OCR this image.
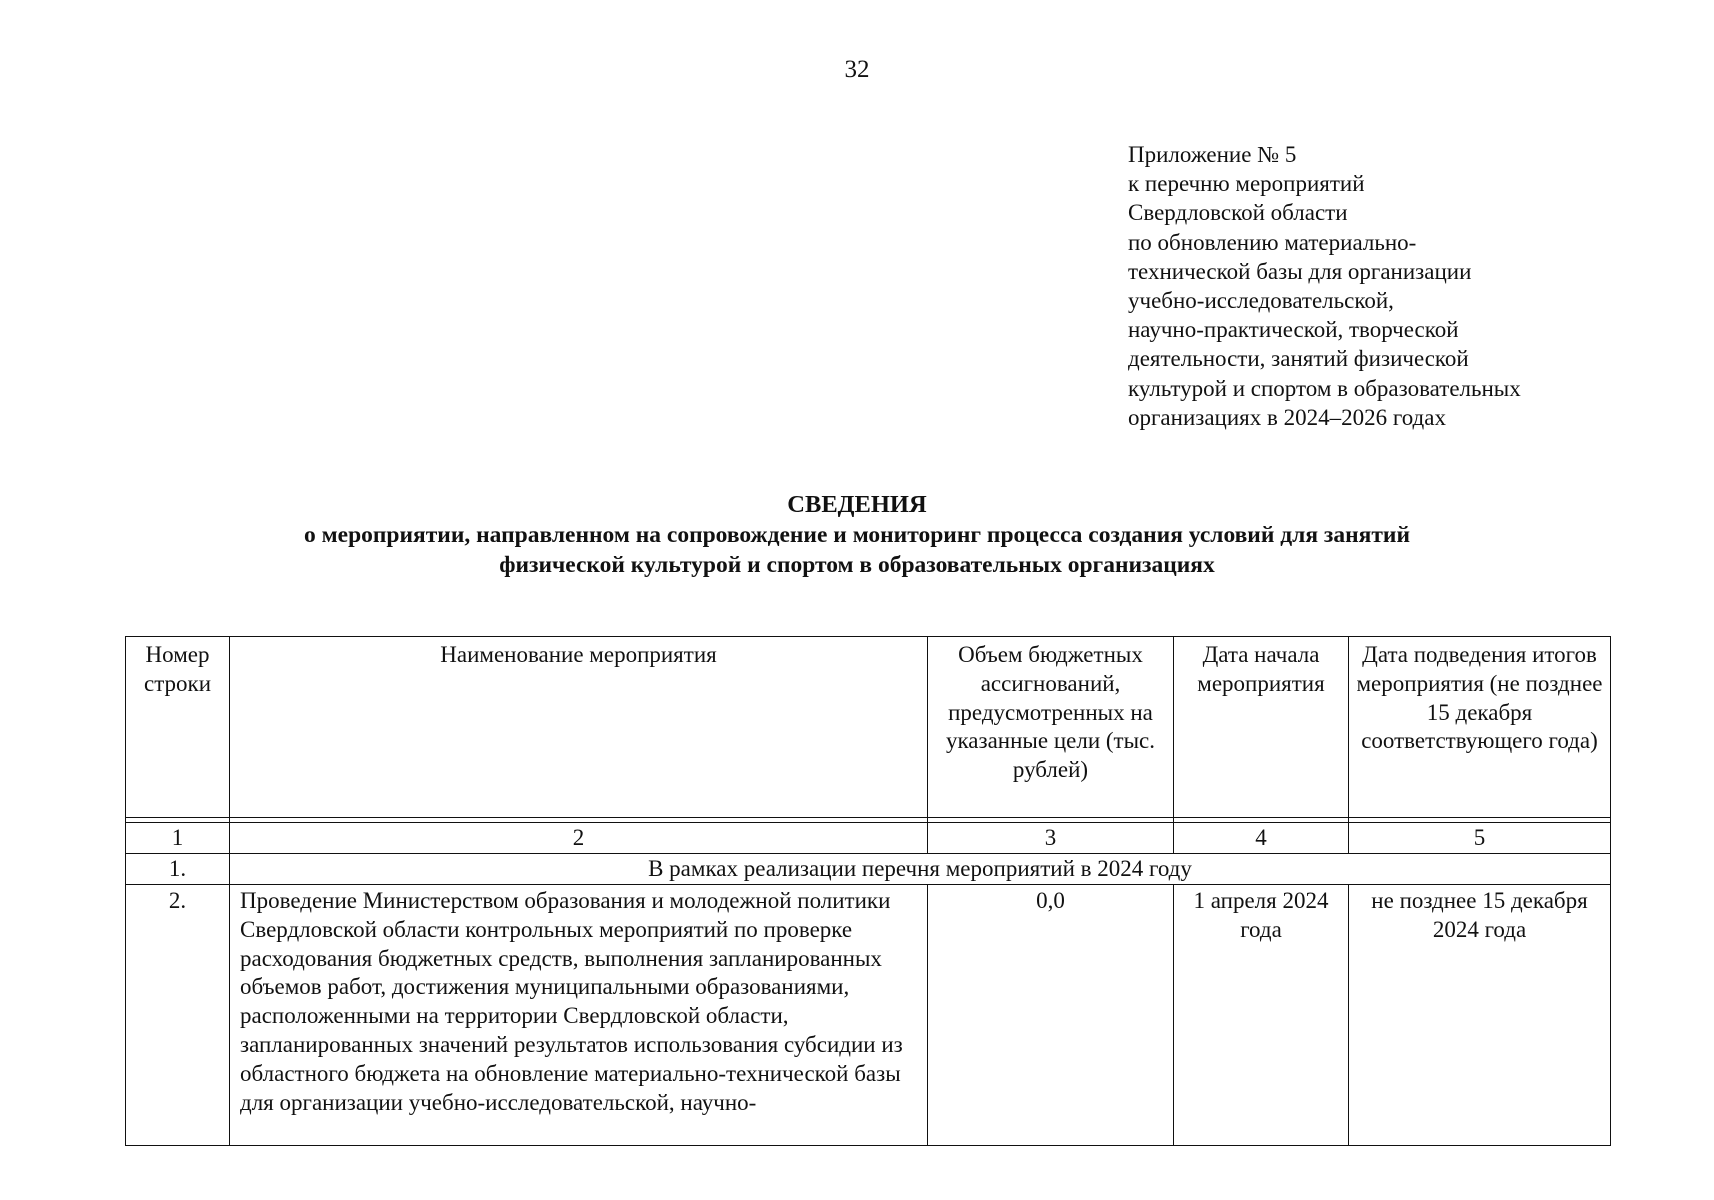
32
Приложение № 5
к перечню мероприятий
Свердловской области
по обновлению материально-
технической базы для организации
учебно-исследовательской,
научно-практической, творческой
деятельности, занятий физической
культурой и спортом в образовательных
организациях в 2024–2026 годах
СВЕДЕНИЯ
о мероприятии, направленном на сопровождение и мониторинг процесса создания условий для занятий
физической культурой и спортом в образовательных организациях
Номер строки	Наименование мероприятия	Объем бюджетных ассигнований, предусмотренных на указанные цели (тыс. рублей)	Дата начала мероприятия	Дата подведения итогов мероприятия (не позднее 15 декабря соответствующего года)

1	2	3	4	5
1.	В рамках реализации перечня мероприятий в 2024 году			
2.	Проведение Министерством образования и молодежной политики Свердловской области контрольных мероприятий по проверке расходования бюджетных средств, выполнения запланированных объемов работ, достижения муниципальными образованиями, расположенными на территории Свердловской области, запланированных значений результатов использования субсидии из областного бюджета на обновление материально-технической базы для организации учебно-исследовательской, научно-	0,0	1 апреля 2024 года	не позднее 15 декабря 2024 года
